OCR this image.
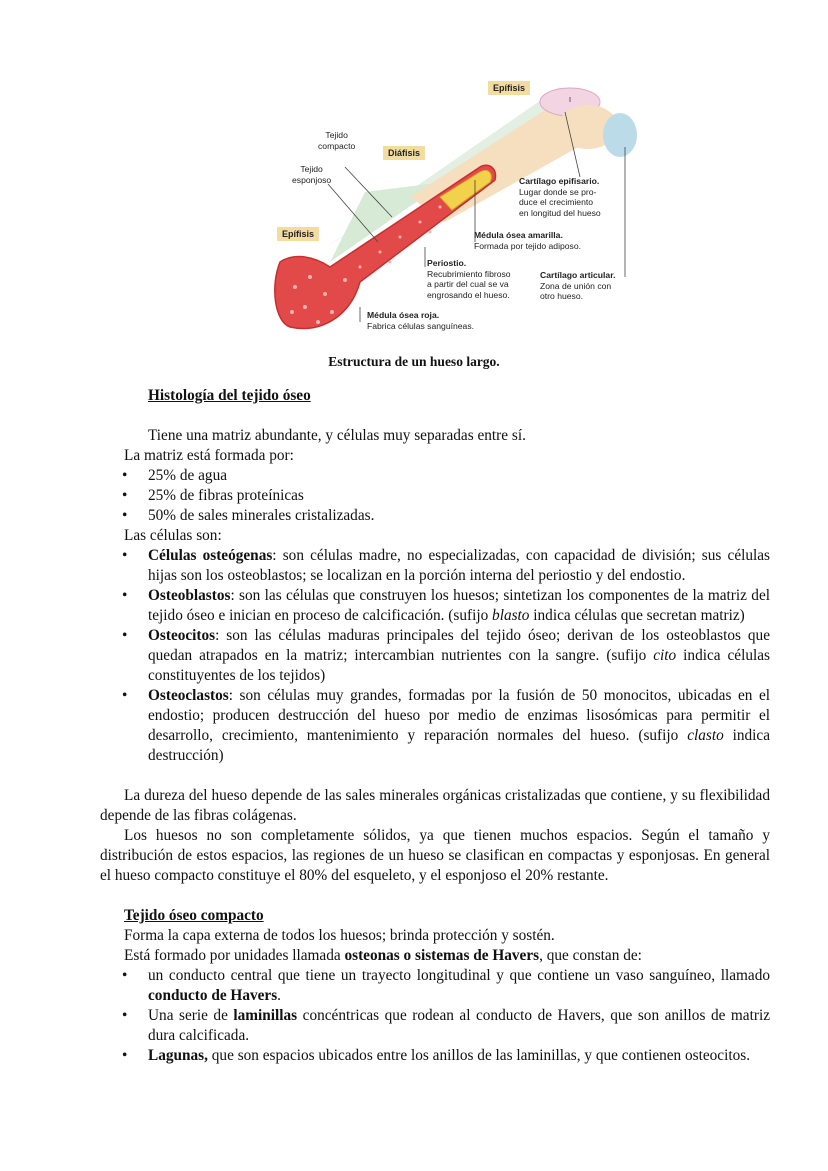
Epífisis
Tejido
compacto
Diáfisis
Tejido
esponjoso
Epífisis
Cartílago epifisario.
Lugar donde se pro-
duce el crecimiento
en longitud del hueso
Médula ósea amarilla.
Formada por tejido adiposo.
Periostio.
Recubrimiento fibroso
a partir del cual se va
engrosando el hueso.
Cartílago articular.
Zona de unión con
otro hueso.
Médula ósea roja.
Fabrica células sanguíneas.
Estructura de un hueso largo.

Histología del tejido óseo

Tiene una matriz abundante, y células muy separadas entre sí.

La matriz está formada por:

• 25% de agua
• 25% de fibras proteínicas
• 50% de sales minerales cristalizadas.

Las células son:

• Células osteógenas: son células madre, no especializadas, con capacidad de división; sus células hijas son los osteoblastos; se localizan en la porción interna del periostio y del endostio.
• Osteoblastos: son las células que construyen los huesos; sintetizan los componentes de la matriz del tejido óseo e inician en proceso de calcificación. (sufijo blasto indica células que secretan matriz)
• Osteocitos: son las células maduras principales del tejido óseo; derivan de los osteoblastos que quedan atrapados en la matriz; intercambian nutrientes con la sangre. (sufijo cito indica células constituyentes de los tejidos)
• Osteoclastos: son células muy grandes, formadas por la fusión de 50 monocitos, ubicadas en el endostio; producen destrucción del hueso por medio de enzimas lisosómicas para permitir el desarrollo, crecimiento, mantenimiento y reparación normales del hueso. (sufijo clasto indica destrucción)

La dureza del hueso depende de las sales minerales orgánicas cristalizadas que contiene, y su flexibilidad depende de las fibras colágenas.

Los huesos no son completamente sólidos, ya que tienen muchos espacios. Según el tamaño y distribución de estos espacios, las regiones de un hueso se clasifican en compactas y esponjosas. En general el hueso compacto constituye el 80% del esqueleto, y el esponjoso el 20% restante.

Tejido óseo compacto

Forma la capa externa de todos los huesos; brinda protección y sostén.

Está formado por unidades llamada osteonas o sistemas de Havers, que constan de:

• un conducto central que tiene un trayecto longitudinal y que contiene un vaso sanguíneo, llamado conducto de Havers.
• Una serie de laminillas concéntricas que rodean al conducto de Havers, que son anillos de matriz dura calcificada.
• Lagunas, que son espacios ubicados entre los anillos de las laminillas, y que contienen osteocitos.
